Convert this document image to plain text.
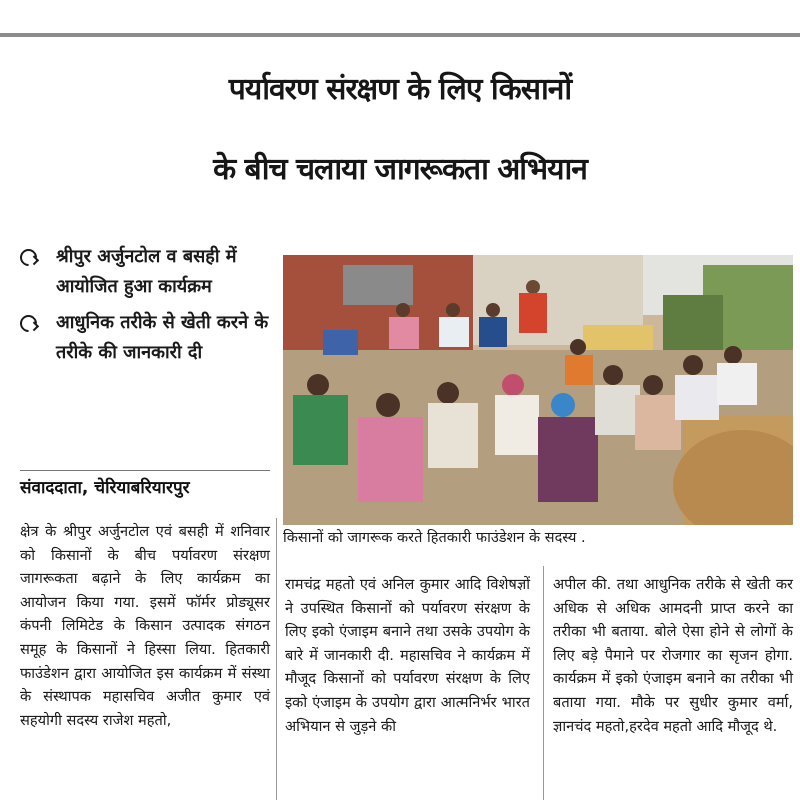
पर्यावरण संरक्षण के लिए किसानों
के बीच चलाया जागरूकता अभियान
श्रीपुर अर्जुनटोल व बसही में आयोजित हुआ कार्यक्रम
आधुनिक तरीके से खेती करने के तरीके की जानकारी दी
संवाददाता, चेरियाबरियारपुर
किसानों को जागरूक करते हितकारी फाउंडेशन के सदस्य .
क्षेत्र के श्रीपुर अर्जुनटोल एवं बसही में शनिवार को किसानों के बीच पर्यावरण संरक्षण जागरूकता बढ़ाने के लिए कार्यक्रम का आयोजन किया गया. इसमें फॉर्मर प्रोड्यूसर कंपनी लिमिटेड के किसान उत्पादक संगठन समूह के किसानों ने हिस्सा लिया. हितकारी फाउंडेशन द्वारा आयोजित इस कार्यक्रम में संस्था के संस्थापक महासचिव अजीत कुमार एवं सहयोगी सदस्य राजेश महतो,
रामचंद्र महतो एवं अनिल कुमार आदि विशेषज्ञों ने उपस्थित किसानों को पर्यावरण संरक्षण के लिए इको एंजाइम बनाने तथा उसके उपयोग के बारे में जानकारी दी. महासचिव ने कार्यक्रम में मौजूद किसानों को पर्यावरण संरक्षण के लिए इको एंजाइम के उपयोग द्वारा आत्मनिर्भर भारत अभियान से जुड़ने की
अपील की. तथा आधुनिक तरीके से खेती कर अधिक से अधिक आमदनी प्राप्त करने का तरीका भी बताया. बोले ऐसा होने से लोगों के लिए बड़े पैमाने पर रोजगार का सृजन होगा. कार्यक्रम में इको एंजाइम बनाने का तरीका भी बताया गया. मौके पर सुधीर कुमार वर्मा, ज्ञानचंद महतो,हरदेव महतो आदि मौजूद थे.
